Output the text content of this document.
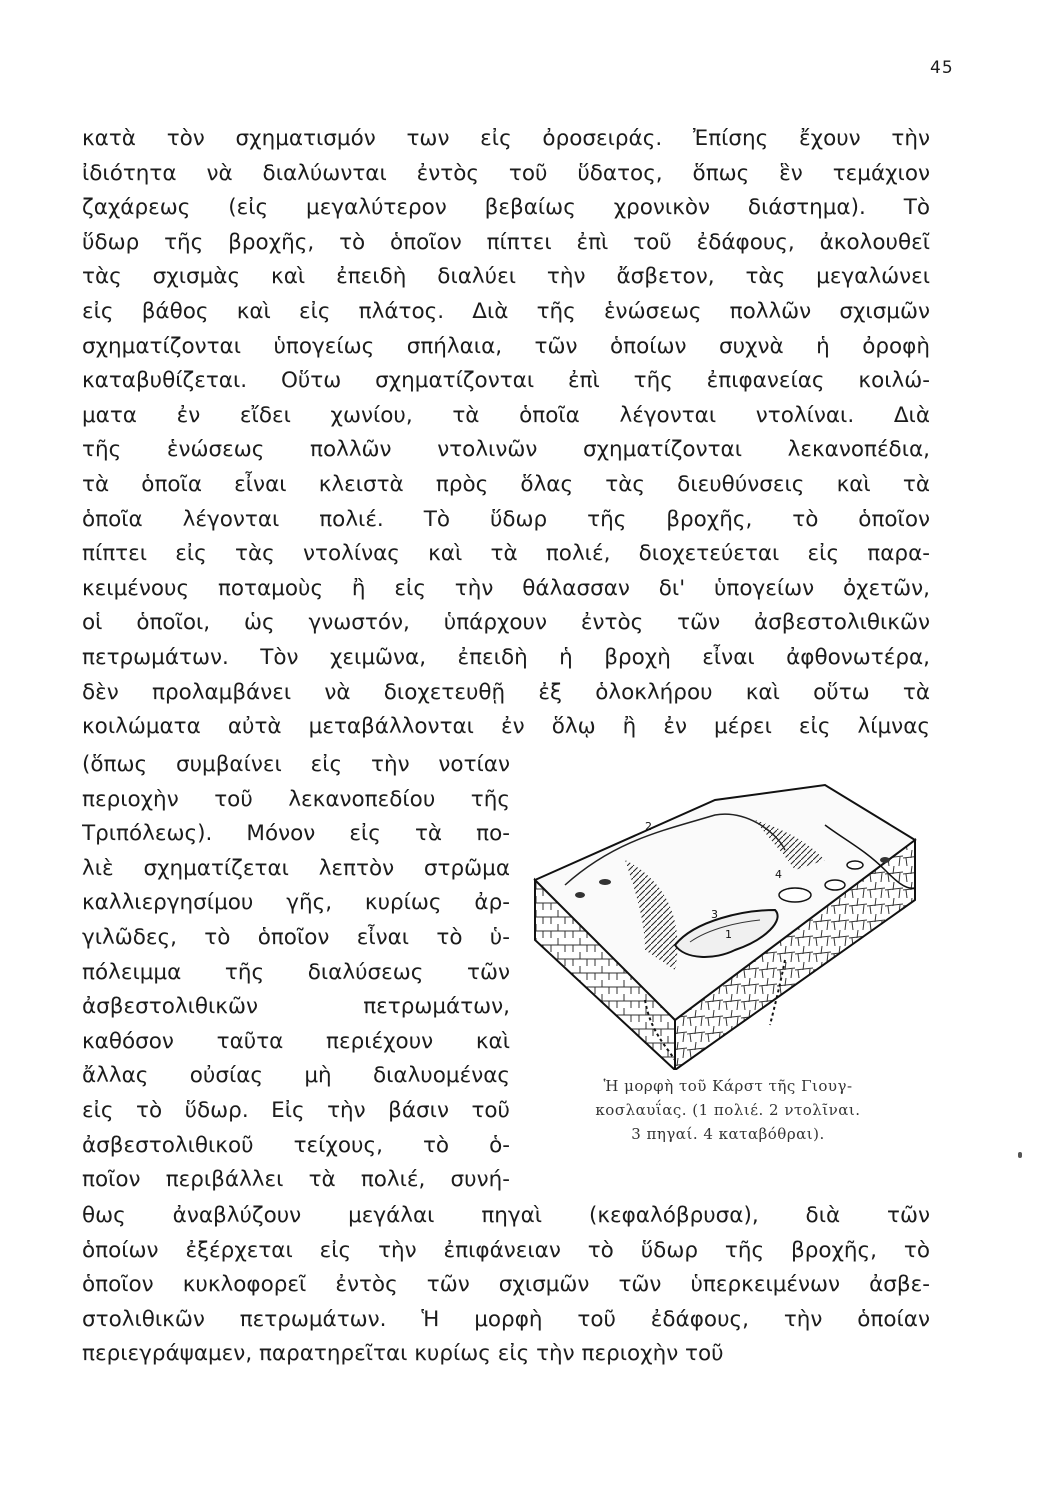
45
κατὰ τὸν σχηματισμόν των εἰς ὀροσειράς. Ἐπίσης ἔχουν τὴν
ἰδιότητα νὰ διαλύωνται ἐντὸς τοῦ ὕδατος, ὅπως ἓν τεμάχιον
ζαχάρεως (εἰς μεγαλύτερον βεβαίως χρονικὸν διάστημα). Τὸ
ὕδωρ τῆς βροχῆς, τὸ ὁποῖον πίπτει ἐπὶ τοῦ ἐδάφους, ἀκολουθεῖ
τὰς σχισμὰς καὶ ἐπειδὴ διαλύει τὴν ἄσβετον, τὰς μεγαλώνει
εἰς βάθος καὶ εἰς πλάτος. Διὰ τῆς ἑνώσεως πολλῶν σχισμῶν
σχηματίζονται ὑπογείως σπήλαια, τῶν ὁποίων συχνὰ ἡ ὀροφὴ
καταβυθίζεται. Οὕτω σχηματίζονται ἐπὶ τῆς ἐπιφανείας κοιλώ-
ματα ἐν εἴδει χωνίου, τὰ ὁποῖα λέγονται ντολίναι. Διὰ
τῆς ἑνώσεως πολλῶν ντολινῶν σχηματίζονται λεκανοπέδια,
τὰ ὁποῖα εἶναι κλειστὰ πρὸς ὅλας τὰς διευθύνσεις καὶ τὰ
ὁποῖα λέγονται πολιέ. Τὸ ὕδωρ τῆς βροχῆς, τὸ ὁποῖον
πίπτει εἰς τὰς ντολίνας καὶ τὰ πολιέ, διοχετεύεται εἰς παρα-
κειμένους ποταμοὺς ἢ εἰς τὴν θάλασσαν δι' ὑπογείων ὀχετῶν,
οἱ ὁποῖοι, ὡς γνωστόν, ὑπάρχουν ἐντὸς τῶν ἀσβεστολιθικῶν
πετρωμάτων. Τὸν χειμῶνα, ἐπειδὴ ἡ βροχὴ εἶναι ἀφθονωτέρα,
δὲν προλαμβάνει νὰ διοχετευθῇ ἐξ ὁλοκλήρου καὶ οὕτω τὰ
κοιλώματα αὐτὰ μεταβάλλονται ἐν ὅλῳ ἢ ἐν μέρει εἰς λίμνας
(ὅπως συμβαίνει εἰς τὴν νοτίαν
περιοχὴν τοῦ λεκανοπεδίου τῆς
Τριπόλεως). Μόνον εἰς τὰ πο-
λιὲ σχηματίζεται λεπτὸν στρῶμα
καλλιεργησίμου γῆς, κυρίως ἀρ-
γιλῶδες, τὸ ὁποῖον εἶναι τὸ ὑ-
πόλειμμα τῆς διαλύσεως τῶν
ἀσβεστολιθικῶν πετρωμάτων,
καθόσον ταῦτα περιέχουν καὶ
ἄλλας οὐσίας μὴ διαλυομένας
εἰς τὸ ὕδωρ. Εἰς τὴν βάσιν τοῦ
ἀσβεστολιθικοῦ τείχους, τὸ ὁ-
ποῖον περιβάλλει τὰ πολιέ, συνή-
1
2
3
4
Ἡ μορφὴ τοῦ Κάρστ τῆς Γιουγ-
κοσλαυΐας. (1 πολιέ. 2 ντολῖναι.
3 πηγαί. 4 καταβόθραι).
θως ἀναβλύζουν μεγάλαι πηγαὶ (κεφαλόβρυσα), διὰ τῶν
ὁποίων ἐξέρχεται εἰς τὴν ἐπιφάνειαν τὸ ὕδωρ τῆς βροχῆς, τὸ
ὁποῖον κυκλοφορεῖ ἐντὸς τῶν σχισμῶν τῶν ὑπερκειμένων ἀσβε-
στολιθικῶν πετρωμάτων. Ἡ μορφὴ τοῦ ἐδάφους, τὴν ὁποίαν
περιεγράψαμεν, παρατηρεῖται κυρίως εἰς τὴν περιοχὴν τοῦ
